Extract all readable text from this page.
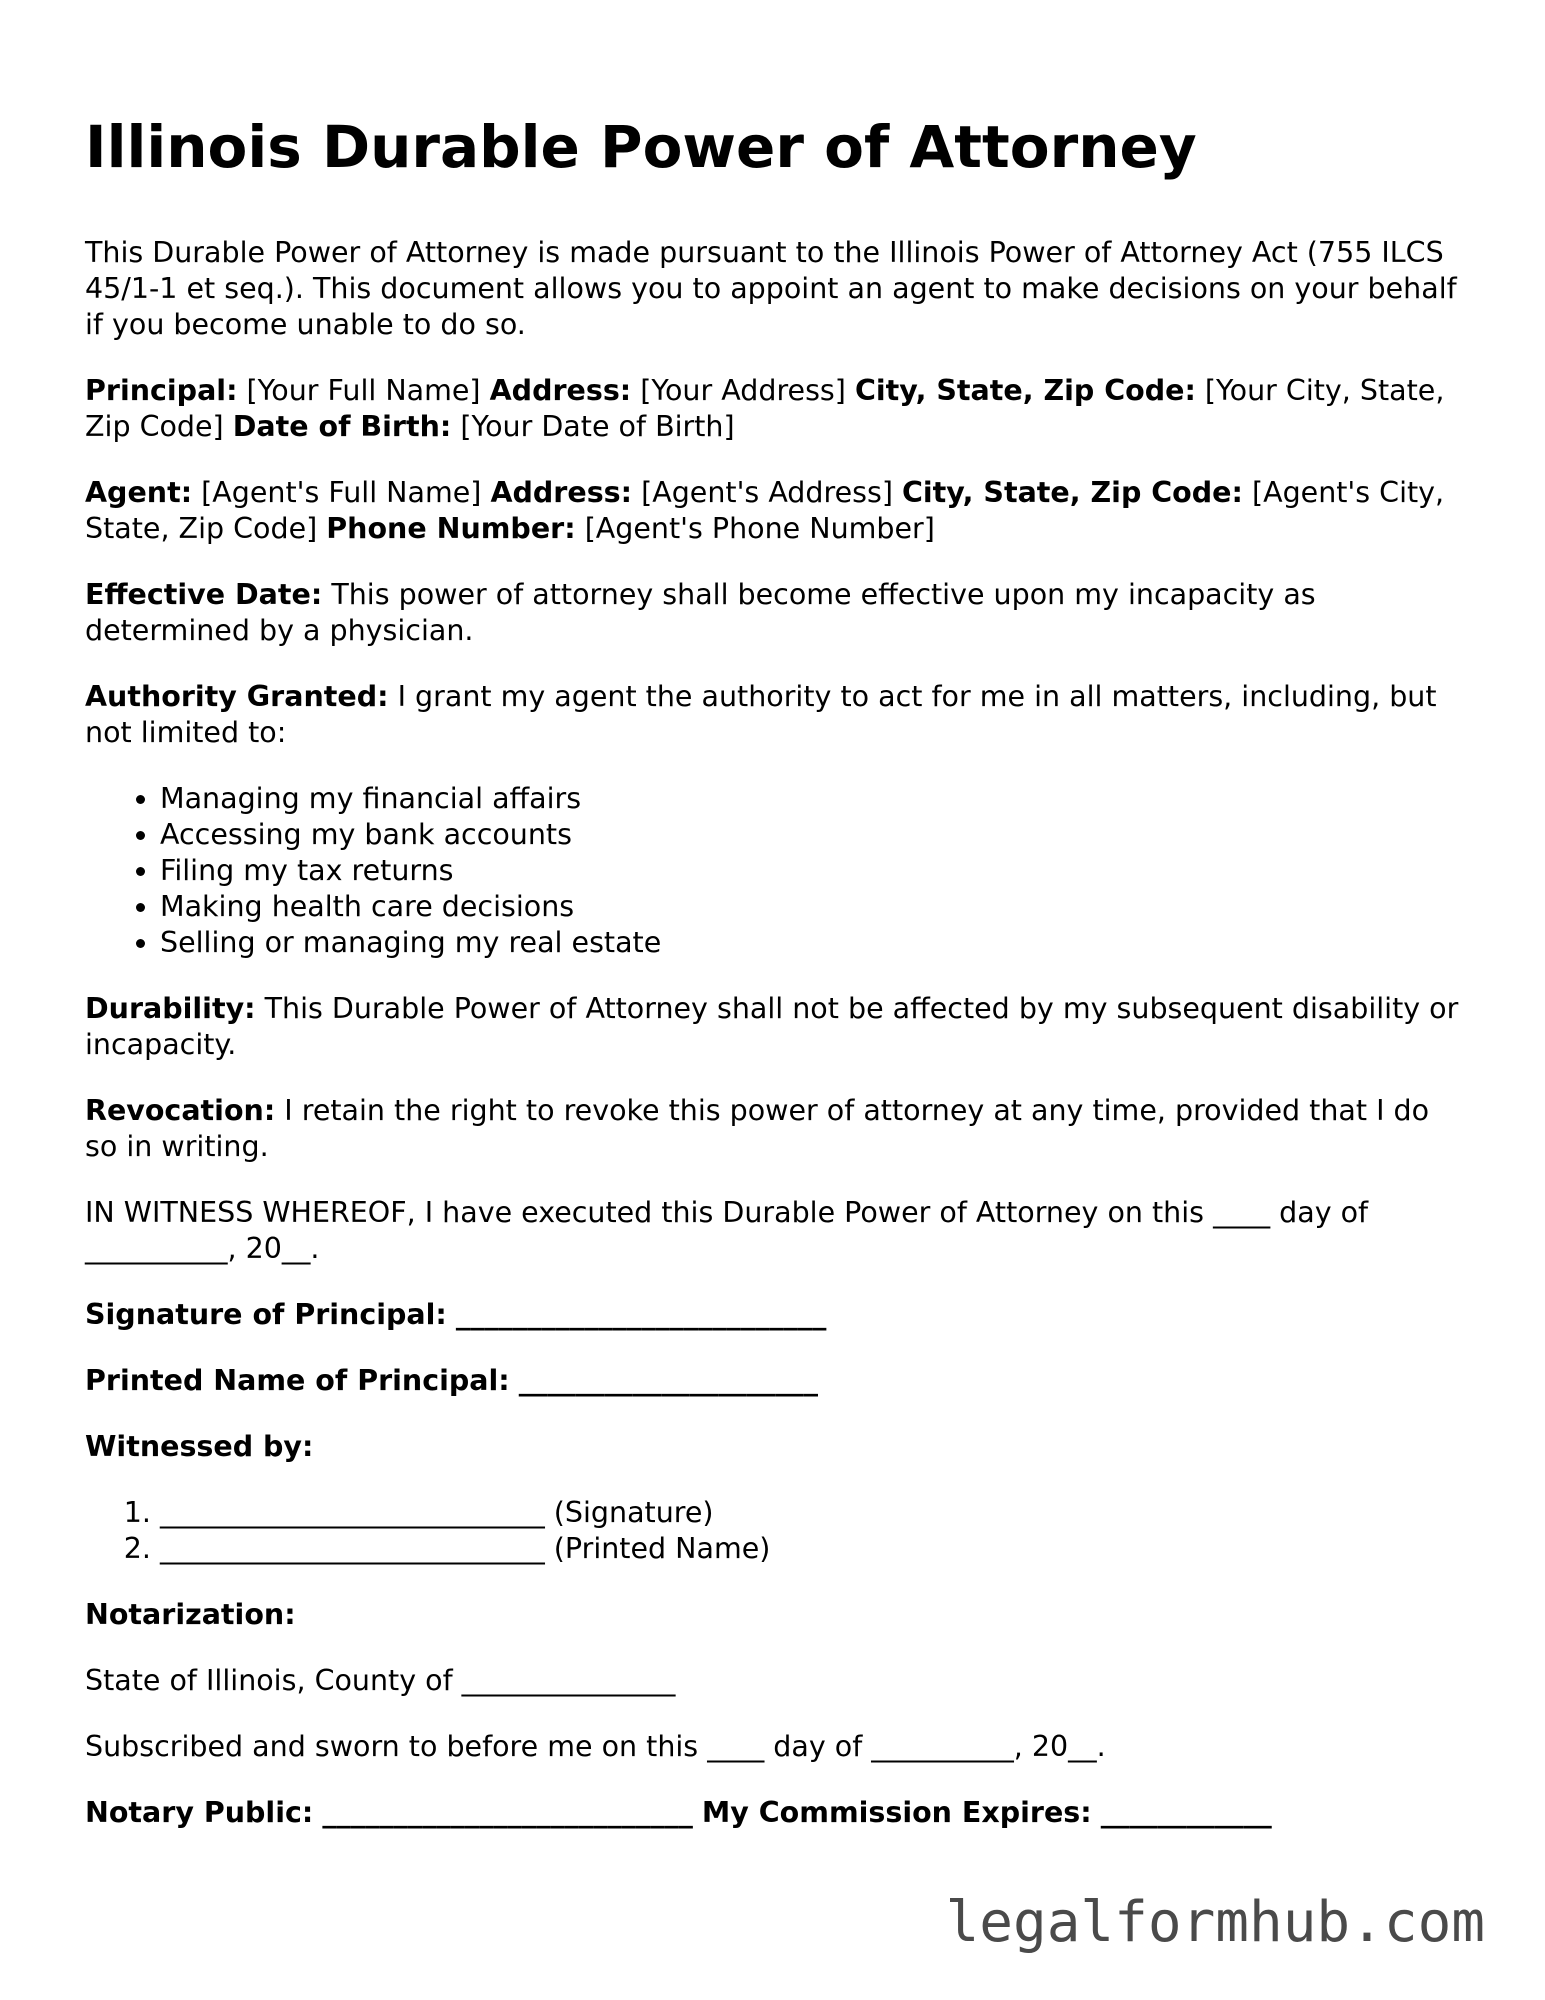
Illinois Durable Power of Attorney

This Durable Power of Attorney is made pursuant to the Illinois Power of Attorney Act (755 ILCS 45/1-1 et seq.). This document allows you to appoint an agent to make decisions on your behalf if you become unable to do so.

Principal: [Your Full Name] Address: [Your Address] City, State, Zip Code: [Your City, State, Zip Code] Date of Birth: [Your Date of Birth]

Agent: [Agent's Full Name] Address: [Agent's Address] City, State, Zip Code: [Agent's City, State, Zip Code] Phone Number: [Agent's Phone Number]

Effective Date: This power of attorney shall become effective upon my incapacity as determined by a physician.

Authority Granted: I grant my agent the authority to act for me in all matters, including, but not limited to:

• Managing my financial affairs
• Accessing my bank accounts
• Filing my tax returns
• Making health care decisions
• Selling or managing my real estate

Durability: This Durable Power of Attorney shall not be affected by my subsequent disability or incapacity.

Revocation: I retain the right to revoke this power of attorney at any time, provided that I do so in writing.

IN WITNESS WHEREOF, I have executed this Durable Power of Attorney on this ____ day of __________, 20__.

Signature of Principal: __________________________

Printed Name of Principal: _____________________

Witnessed by:

1. ___________________________ (Signature)
2. ___________________________ (Printed Name)

Notarization:

State of Illinois, County of _______________

Subscribed and sworn to before me on this ____ day of __________, 20__.

Notary Public: __________________________ My Commission Expires: ____________

legalformhub.com
